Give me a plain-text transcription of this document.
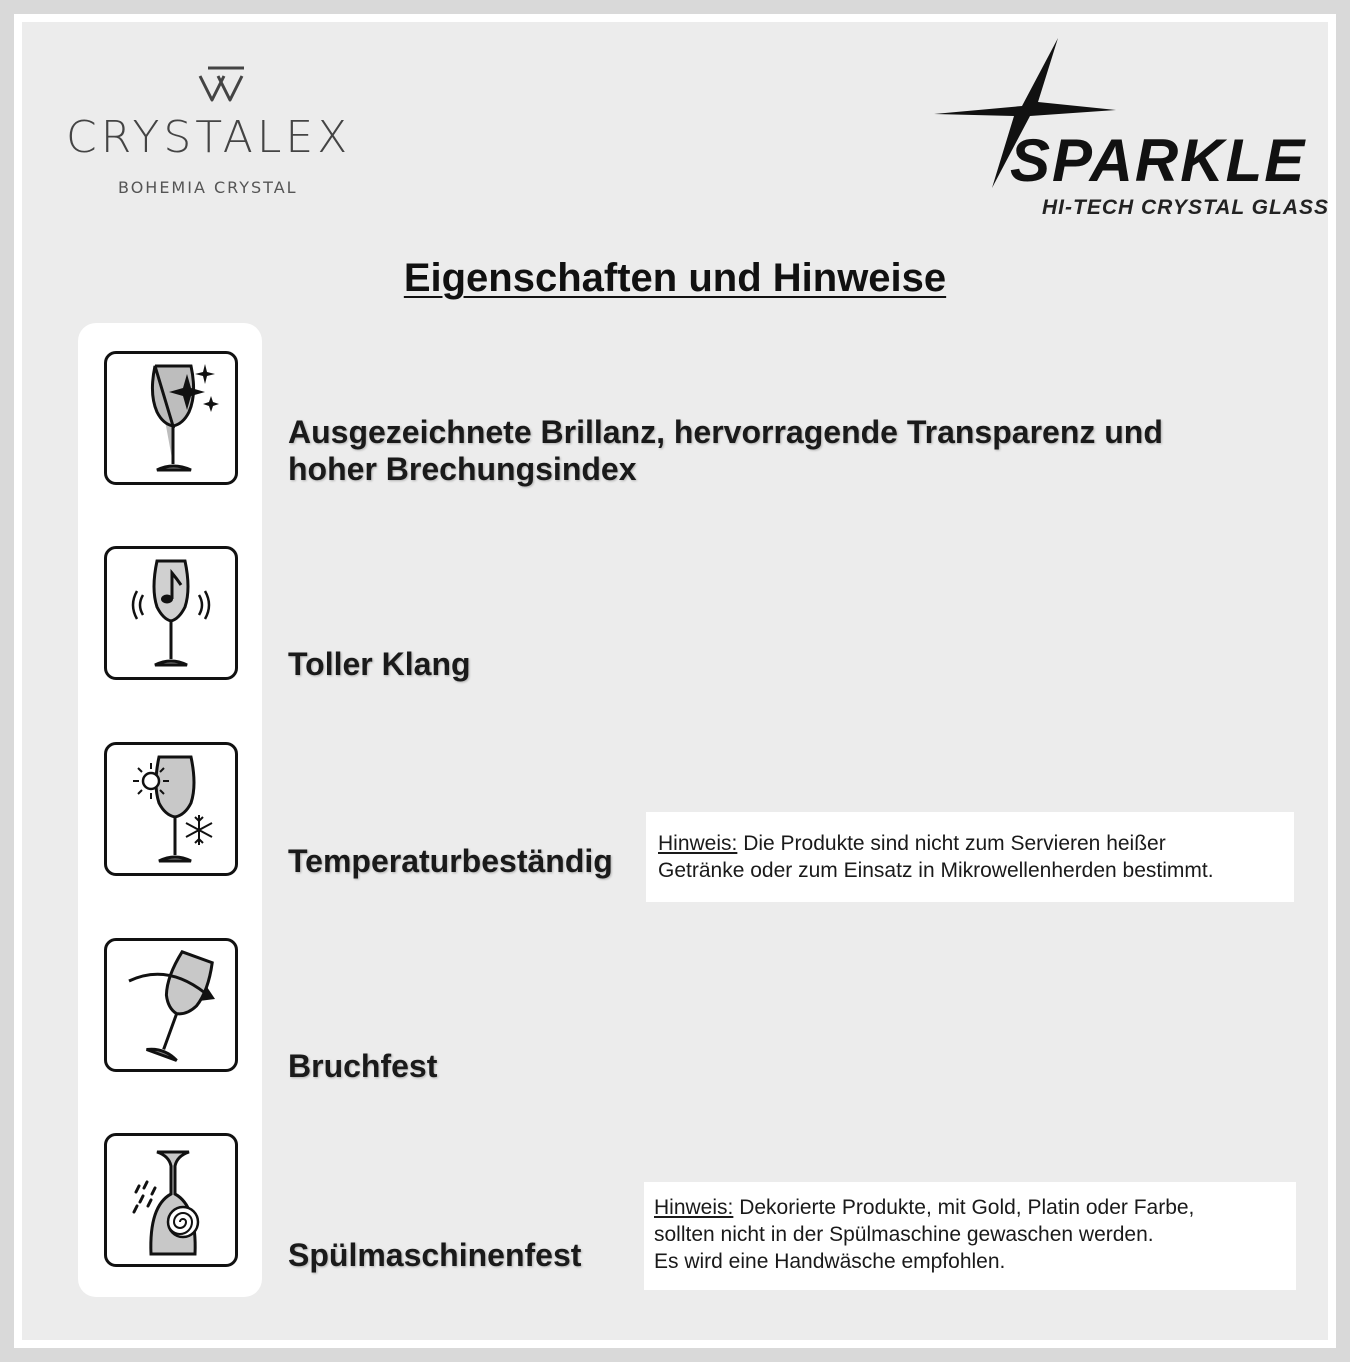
CRYSTALEX
BOHEMIA CRYSTAL	SPARKLE
HI-TECH CRYSTAL GLASS
Eigenschaften und Hinweise
Ausgezeichnete Brillanz, hervorragende Transparenz und
hoher Brechungsindex
Toller Klang
Temperaturbeständig
Bruchfest
Spülmaschinenfest
Hinweis: Die Produkte sind nicht zum Servieren heißer
Getränke oder zum Einsatz in Mikrowellenherden bestimmt.
Hinweis: Dekorierte Produkte, mit Gold, Platin oder Farbe,
sollten nicht in der Spülmaschine gewaschen werden.
Es wird eine Handwäsche empfohlen.
